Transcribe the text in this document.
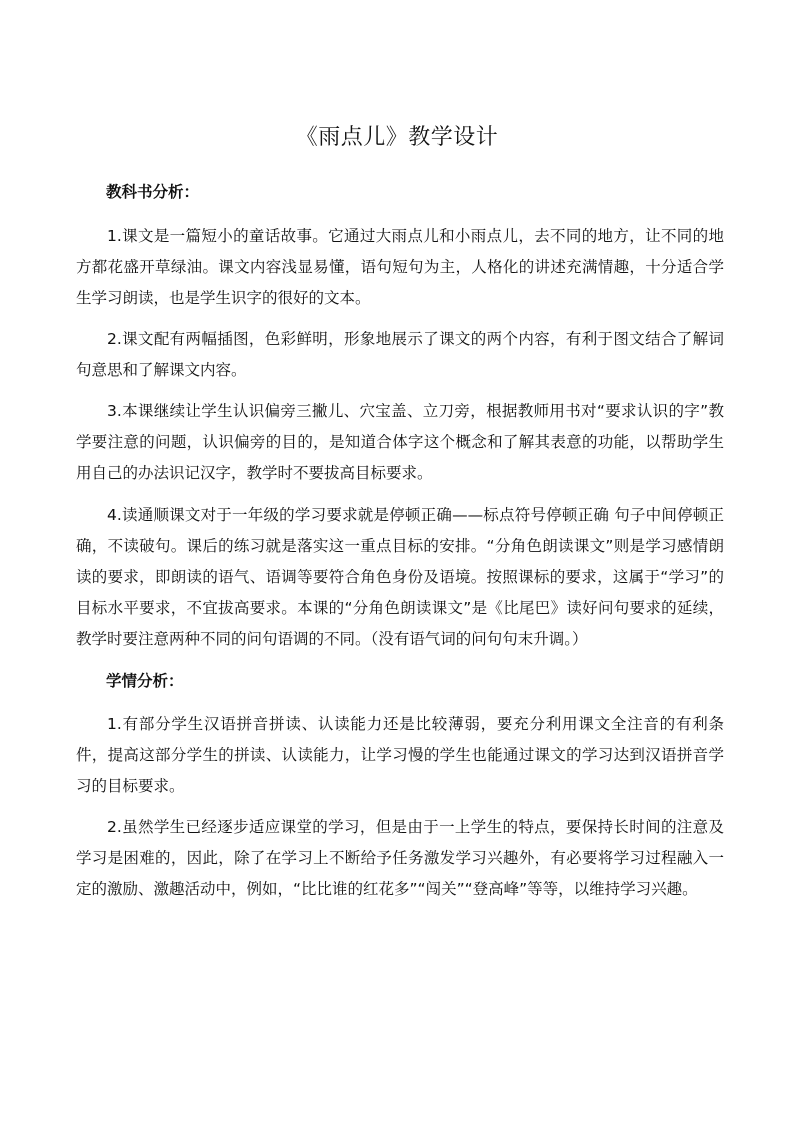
《雨点儿》教学设计
教科书分析：

1.课文是一篇短小的童话故事。它通过大雨点儿和小雨点儿，去不同的地方，让不同的地方都花盛开草绿油。课文内容浅显易懂，语句短句为主，人格化的讲述充满情趣，十分适合学生学习朗读，也是学生识字的很好的文本。

2.课文配有两幅插图，色彩鲜明，形象地展示了课文的两个内容，有利于图文结合了解词句意思和了解课文内容。

3.本课继续让学生认识偏旁三撇儿、穴宝盖、立刀旁，根据教师用书对“要求认识的字”教学要注意的问题，认识偏旁的目的，是知道合体字这个概念和了解其表意的功能，以帮助学生用自己的办法识记汉字，教学时不要拔高目标要求。

4.读通顺课文对于一年级的学习要求就是停顿正确——标点符号停顿正确 句子中间停顿正确，不读破句。课后的练习就是落实这一重点目标的安排。“分角色朗读课文”则是学习感情朗读的要求，即朗读的语气、语调等要符合角色身份及语境。按照课标的要求，这属于“学习”的目标水平要求，不宜拔高要求。本课的“分角色朗读课文”是《比尾巴》读好问句要求的延续，教学时要注意两种不同的问句语调的不同。（没有语气词的问句句末升调。）

学情分析：

1.有部分学生汉语拼音拼读、认读能力还是比较薄弱，要充分利用课文全注音的有利条件，提高这部分学生的拼读、认读能力，让学习慢的学生也能通过课文的学习达到汉语拼音学习的目标要求。

2.虽然学生已经逐步适应课堂的学习，但是由于一上学生的特点，要保持长时间的注意及学习是困难的，因此，除了在学习上不断给予任务激发学习兴趣外，有必要将学习过程融入一定的激励、激趣活动中，例如，“比比谁的红花多”“闯关”“登高峰”等等，以维持学习兴趣。
